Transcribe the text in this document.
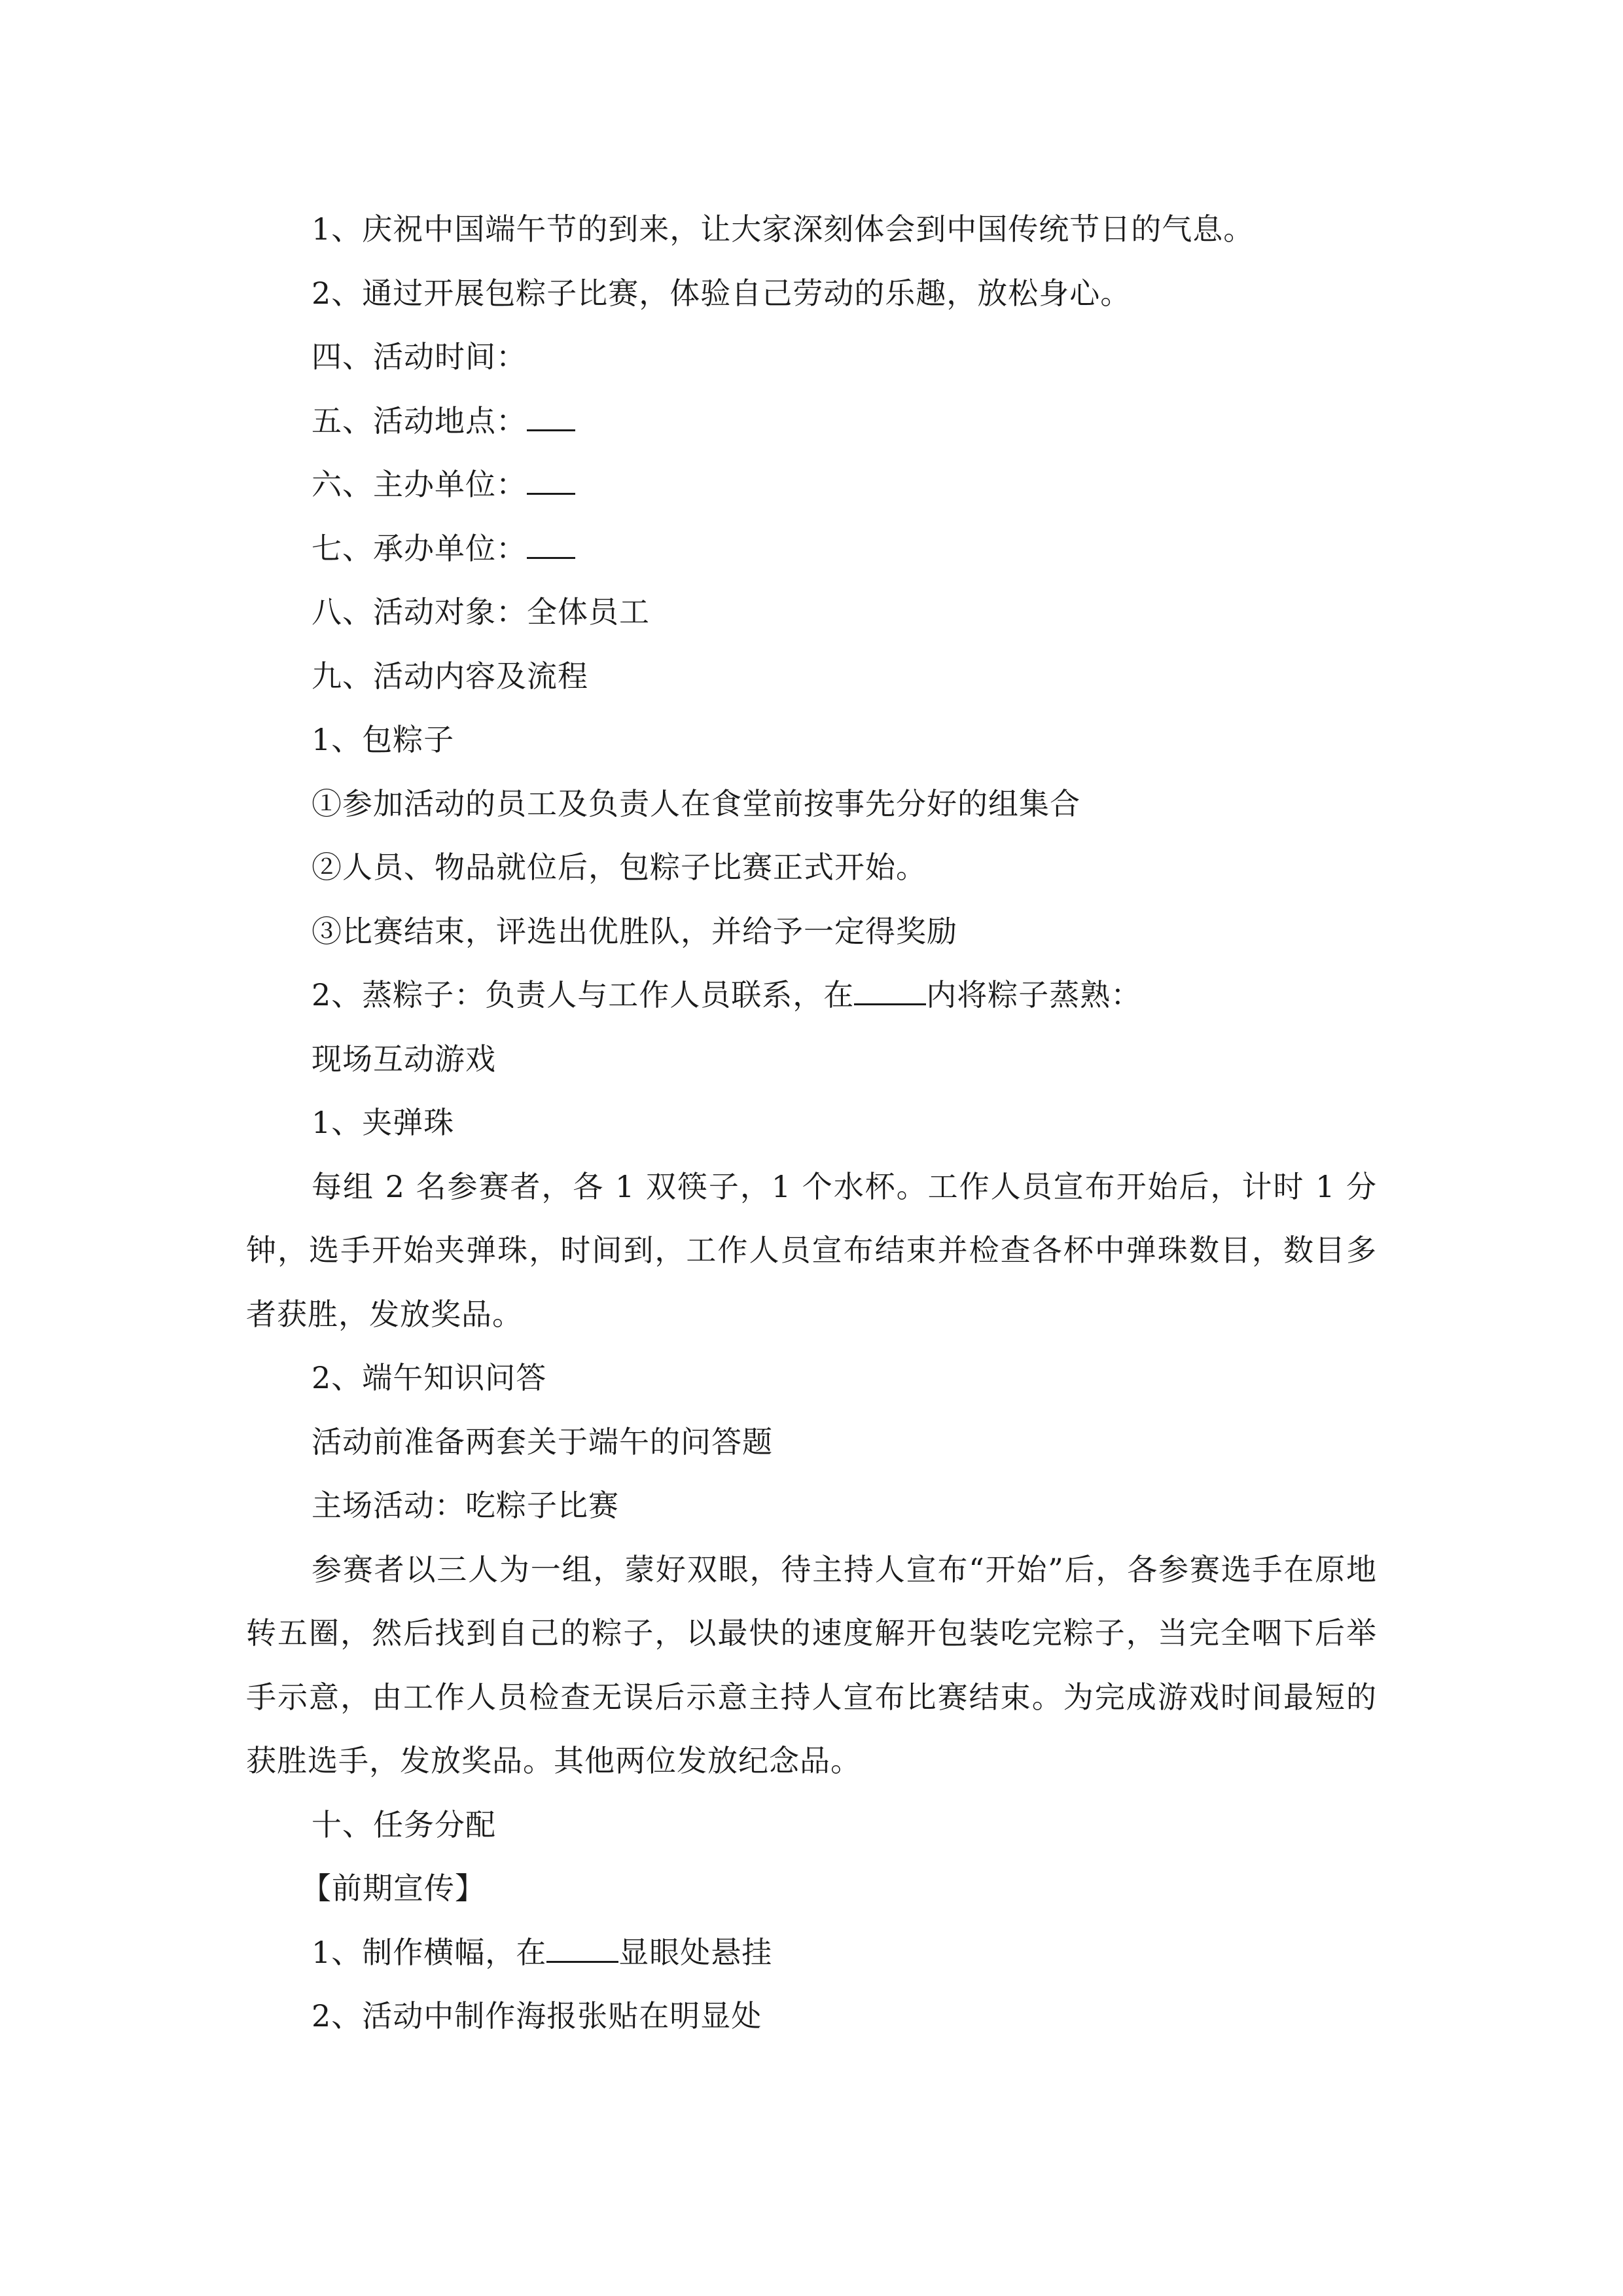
1、庆祝中国端午节的到来，让大家深刻体会到中国传统节日的气息。
2、通过开展包粽子比赛，体验自己劳动的乐趣，放松身心。
四、活动时间：
五、活动地点：
六、主办单位：
七、承办单位：
八、活动对象：全体员工
九、活动内容及流程
1、包粽子
①参加活动的员工及负责人在食堂前按事先分好的组集合
②人员、物品就位后，包粽子比赛正式开始。
③比赛结束，评选出优胜队，并给予一定得奖励
2、蒸粽子：负责人与工作人员联系，在 内将粽子蒸熟：
现场互动游戏
1、夹弹珠
每组 2 名参赛者，各 1 双筷子，1 个水杯。工作人员宣布开始后，计时 1 分钟，选手开始夹弹珠，时间到，工作人员宣布结束并检查各杯中弹珠数目，数目多者获胜，发放奖品。
2、端午知识问答
活动前准备两套关于端午的问答题
主场活动：吃粽子比赛
参赛者以三人为一组，蒙好双眼，待主持人宣布“开始”后，各参赛选手在原地转五圈，然后找到自己的粽子，以最快的速度解开包装吃完粽子，当完全咽下后举手示意，由工作人员检查无误后示意主持人宣布比赛结束。为完成游戏时间最短的获胜选手，发放奖品。其他两位发放纪念品。
十、任务分配
【前期宣传】
1、制作横幅，在 显眼处悬挂
2、活动中制作海报张贴在明显处
